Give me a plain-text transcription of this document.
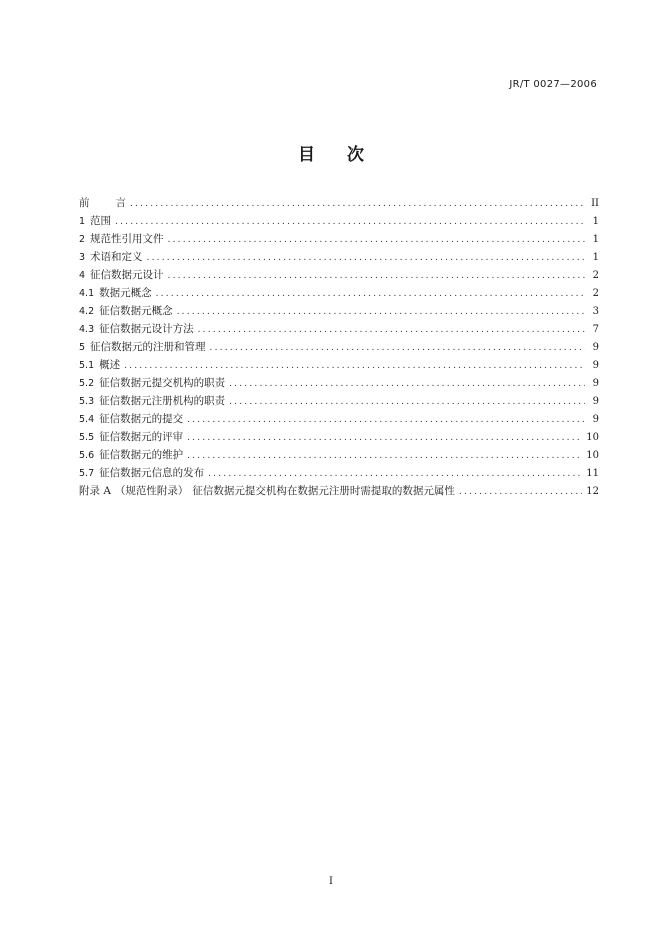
JR/T 0027—2006
目 次
前 言 .....	II
1 范围 .....	1
2 规范性引用文件 .....	1
3 术语和定义 .....	1
4 征信数据元设计 .....	2
4.1 数据元概念 .....	2
4.2 征信数据元概念 .....	3
4.3 征信数据元设计方法 .....	7
5 征信数据元的注册和管理 .....	9
5.1 概述 .....	9
5.2 征信数据元提交机构的职责 .....	9
5.3 征信数据元注册机构的职责 .....	9
5.4 征信数据元的提交 .....	9
5.5 征信数据元的评审 .....	10
5.6 征信数据元的维护 .....	10
5.7 征信数据元信息的发布 .....	11
附录 A （规范性附录） 征信数据元提交机构在数据元注册时需提取的数据元属性 .....	12
I
